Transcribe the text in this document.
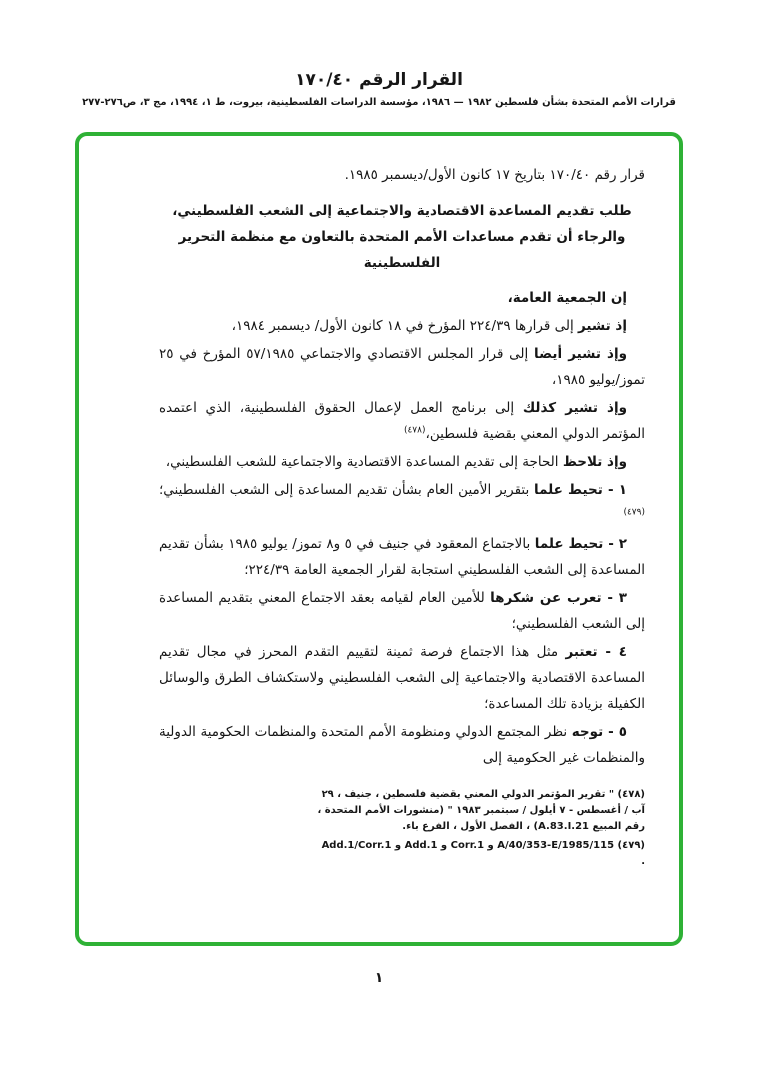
القرار الرقم ١٧٠/٤٠
قرارات الأمم المتحدة بشأن فلسطين ١٩٨٢ — ١٩٨٦، مؤسسة الدراسات الفلسطينية، بيروت، ط ١، ١٩٩٤، مج ٣، ص٢٧٦-٢٧٧

قرار رقم ١٧٠/٤٠ بتاريخ ١٧ كانون الأول/ديسمبر ١٩٨٥.

طلب تقديم المساعدة الاقتصادية والاجتماعية إلى الشعب الفلسطيني، والرجاء أن تقدم مساعدات الأمم المتحدة بالتعاون مع منظمة التحرير الفلسطينية

إن الجمعية العامة،

إذ تشير إلى قرارها ٢٢٤/٣٩ المؤرخ في ١٨ كانون الأول/ ديسمبر ١٩٨٤،

وإذ تشير أيضا إلى قرار المجلس الاقتصادي والاجتماعي ٥٧/١٩٨٥ المؤرخ في ٢٥ تموز/يوليو ١٩٨٥،

وإذ تشير كذلك إلى برنامج العمل لإعمال الحقوق الفلسطينية، الذي اعتمده المؤتمر الدولي المعني بقضية فلسطين،$^{(٤٧٨)}$

وإذ تلاحظ الحاجة إلى تقديم المساعدة الاقتصادية والاجتماعية للشعب الفلسطيني،

١ - تحيط علما بتقرير الأمين العام بشأن تقديم المساعدة إلى الشعب الفلسطيني؛$^{(٤٧٩)}$

٢ - تحيط علما بالاجتماع المعقود في جنيف في ٥ و٨ تموز/ يوليو ١٩٨٥ بشأن تقديم المساعدة إلى الشعب الفلسطيني استجابة لقرار الجمعية العامة ٢٢٤/٣٩؛

٣ - تعرب عن شكرها للأمين العام لقيامه بعقد الاجتماع المعني بتقديم المساعدة إلى الشعب الفلسطيني؛

٤ - تعتبر مثل هذا الاجتماع فرصة ثمينة لتقييم التقدم المحرز في مجال تقديم المساعدة الاقتصادية والاجتماعية إلى الشعب الفلسطيني ولاستكشاف الطرق والوسائل الكفيلة بزيادة تلك المساعدة؛

٥ - توجه نظر المجتمع الدولي ومنظومة الأمم المتحدة والمنظمات الحكومية الدولية والمنظمات غير الحكومية إلى

(٤٧٨) " تقرير المؤتمر الدولي المعني بقضية فلسطين ، جنيف ، ٢٩ آب / أغسطس - ٧ أيلول / سبتمبر ١٩٨٣ " (منشورات الأمم المتحدة ، رقم المبيع A.83.I.21) ، الفصل الأول ، الفرع باء.

(٤٧٩) A/40/353-E/1985/115 و Corr.1 و Add.1 و Add.1/Corr.1 .

١
